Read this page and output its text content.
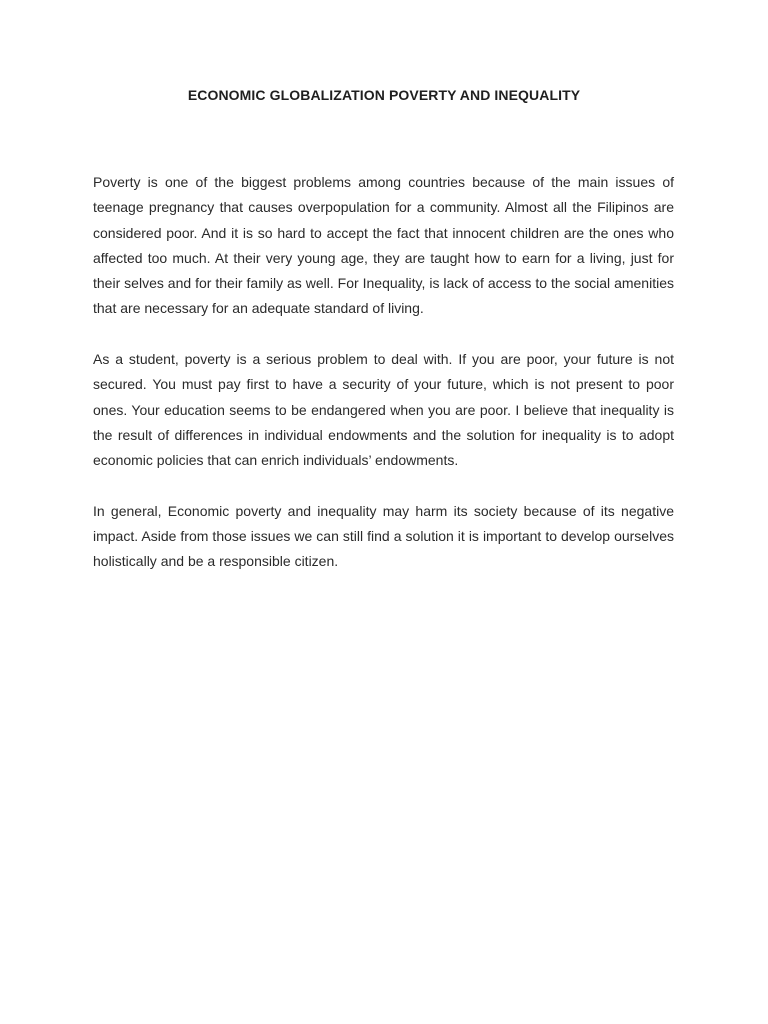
ECONOMIC GLOBALIZATION POVERTY AND INEQUALITY

Poverty is one of the biggest problems among countries because of the main issues of teenage pregnancy that causes overpopulation for a community. Almost all the Filipinos are considered poor. And it is so hard to accept the fact that innocent children are the ones who affected too much. At their very young age, they are taught how to earn for a living, just for their selves and for their family as well. For Inequality, is lack of access to the social amenities that are necessary for an adequate standard of living.

As a student, poverty is a serious problem to deal with. If you are poor, your future is not secured. You must pay first to have a security of your future, which is not present to poor ones. Your education seems to be endangered when you are poor. I believe that inequality is the result of differences in individual endowments and the solution for inequality is to adopt economic policies that can enrich individuals’ endowments.

In general, Economic poverty and inequality may harm its society because of its negative impact. Aside from those issues we can still find a solution it is important to develop ourselves holistically and be a responsible citizen.
